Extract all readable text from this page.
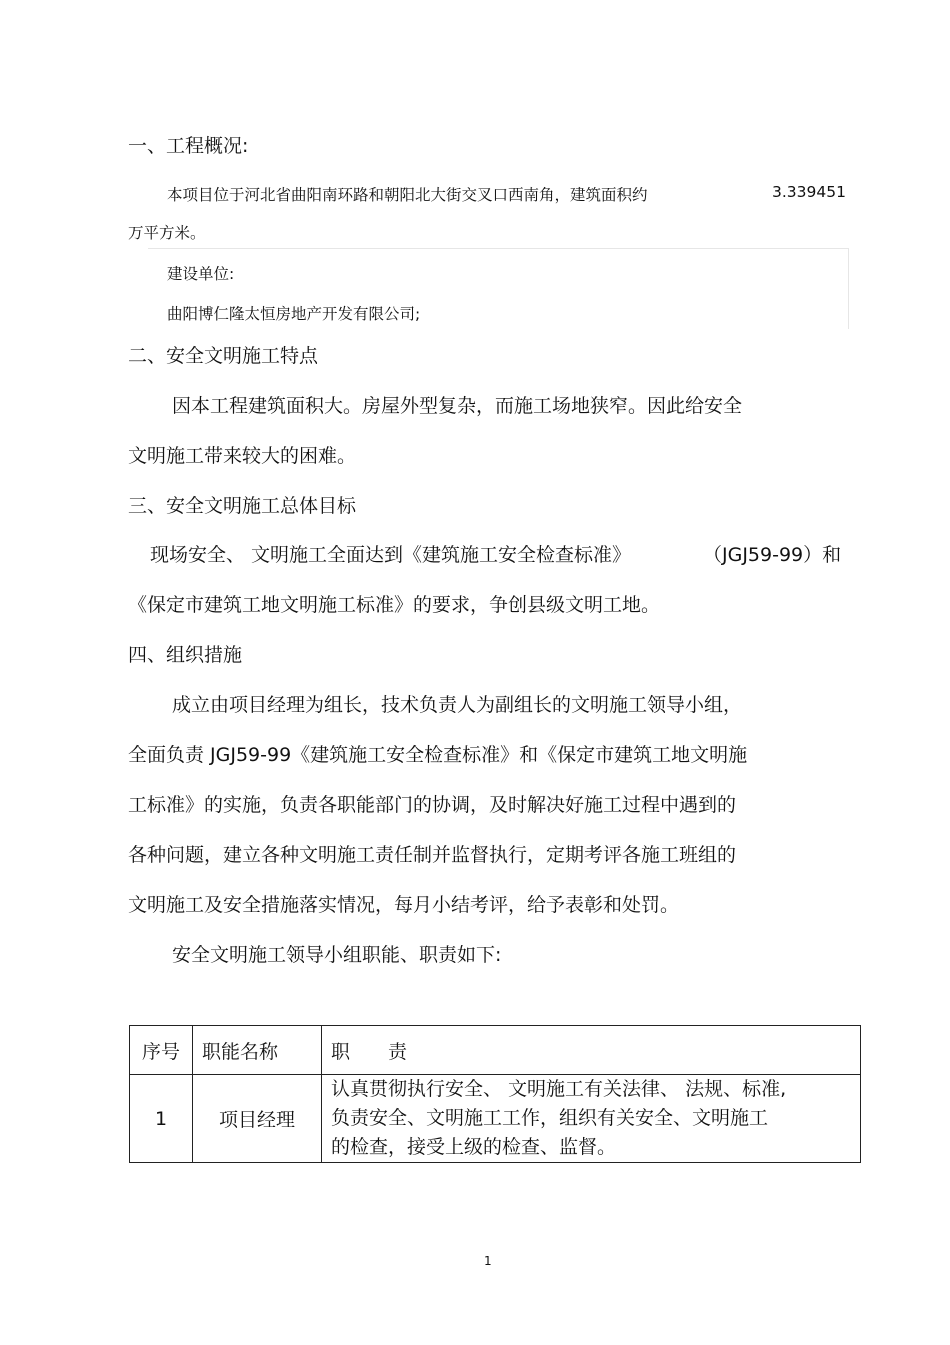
一、工程概况:

本项目位于河北省曲阳南环路和朝阳北大街交叉口西南角，建筑面积约	3.339451

万平方米。

建设单位:

曲阳博仁隆太恒房地产开发有限公司;

二、安全文明施工特点

因本工程建筑面积大。房屋外型复杂，而施工场地狭窄。因此给安全

文明施工带来较大的困难。

三、安全文明施工总体目标

现场安全、 文明施工全面达到《建筑施工安全检查标准》	（JGJ59-99）和

《保定市建筑工地文明施工标准》的要求，争创县级文明工地。

四、组织措施

成立由项目经理为组长，技术负责人为副组长的文明施工领导小组，

全面负责 JGJ59-99《建筑施工安全检查标准》和《保定市建筑工地文明施

工标准》的实施，负责各职能部门的协调，及时解决好施工过程中遇到的

各种问题，建立各种文明施工责任制并监督执行，定期考评各施工班组的

文明施工及安全措施落实情况，每月小结考评，给予表彰和处罚。

安全文明施工领导小组职能、职责如下:

序号	职能名称	职　　责
1	项目经理	认真贯彻执行安全、 文明施工有关法律、 法规、标准,
负责安全、文明施工工作，组织有关安全、文明施工
的检查，接受上级的检查、监督。

1
